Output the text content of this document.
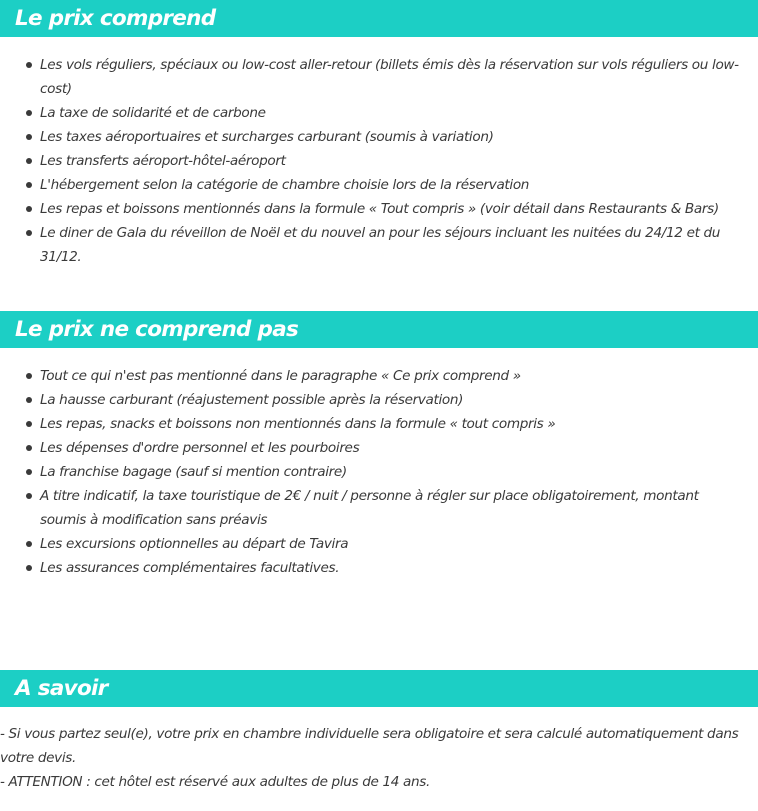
Le prix comprend
Les vols réguliers, spéciaux ou low-cost aller-retour (billets émis dès la réservation sur vols réguliers ou low-cost)
La taxe de solidarité et de carbone
Les taxes aéroportuaires et surcharges carburant (soumis à variation)
Les transferts aéroport-hôtel-aéroport
L'hébergement selon la catégorie de chambre choisie lors de la réservation
Les repas et boissons mentionnés dans la formule « Tout compris » (voir détail dans Restaurants & Bars)
Le diner de Gala du réveillon de Noël et du nouvel an pour les séjours incluant les nuitées du 24/12 et du 31/12.
Le prix ne comprend pas
Tout ce qui n'est pas mentionné dans le paragraphe « Ce prix comprend »
La hausse carburant (réajustement possible après la réservation)
Les repas, snacks et boissons non mentionnés dans la formule « tout compris »
Les dépenses d'ordre personnel et les pourboires
La franchise bagage (sauf si mention contraire)
A titre indicatif, la taxe touristique de 2€ / nuit / personne à régler sur place obligatoirement, montant soumis à modification sans préavis
Les excursions optionnelles au départ de Tavira
Les assurances complémentaires facultatives.
A savoir
- Si vous partez seul(e), votre prix en chambre individuelle sera obligatoire et sera calculé automatiquement dans votre devis.
- ATTENTION : cet hôtel est réservé aux adultes de plus de 14 ans.
